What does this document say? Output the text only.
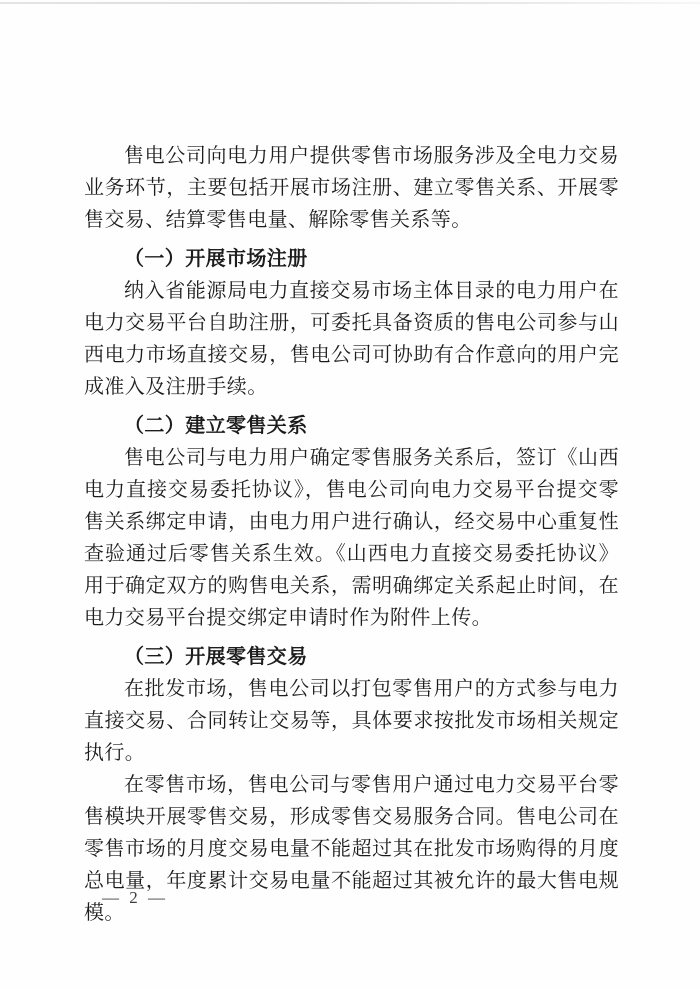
售电公司向电力用户提供零售市场服务涉及全电力交易业务环节，主要包括开展市场注册、建立零售关系、开展零售交易、结算零售电量、解除零售关系等。

（一）开展市场注册

纳入省能源局电力直接交易市场主体目录的电力用户在电力交易平台自助注册，可委托具备资质的售电公司参与山西电力市场直接交易，售电公司可协助有合作意向的用户完成准入及注册手续。

（二）建立零售关系

售电公司与电力用户确定零售服务关系后，签订《山西电力直接交易委托协议》，售电公司向电力交易平台提交零售关系绑定申请，由电力用户进行确认，经交易中心重复性查验通过后零售关系生效。《山西电力直接交易委托协议》用于确定双方的购售电关系，需明确绑定关系起止时间，在电力交易平台提交绑定申请时作为附件上传。

（三）开展零售交易

在批发市场，售电公司以打包零售用户的方式参与电力直接交易、合同转让交易等，具体要求按批发市场相关规定执行。

在零售市场，售电公司与零售用户通过电力交易平台零售模块开展零售交易，形成零售交易服务合同。售电公司在零售市场的月度交易电量不能超过其在批发市场购得的月度总电量，年度累计交易电量不能超过其被允许的最大售电规模。

— 2 —
